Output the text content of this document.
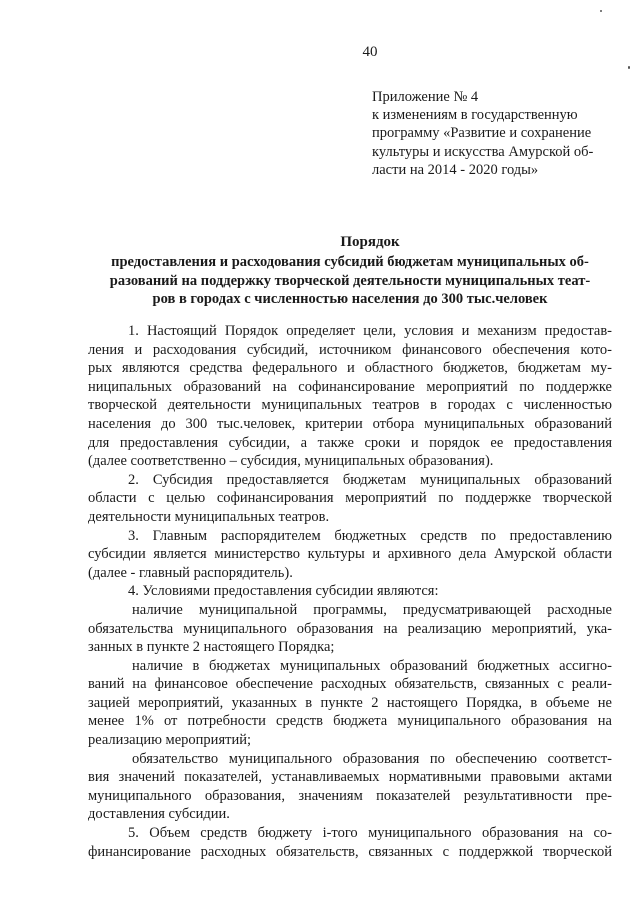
40
Приложение № 4
к изменениям в государственную
программу «Развитие и сохранение
культуры и искусства Амурской об-
ласти на 2014 - 2020 годы»
Порядок
предоставления и расходования субсидий бюджетам муниципальных об-
разований на поддержку творческой деятельности муниципальных теат-
ров в городах с численностью населения до 300 тыс.человек
1. Настоящий Порядок определяет цели, условия и механизм предостав-
ления и расходования субсидий, источником финансового обеспечения кото-
рых являются средства федерального и областного бюджетов, бюджетам му-
ниципальных образований на софинансирование мероприятий по поддержке
творческой деятельности муниципальных театров в городах с численностью
населения до 300 тыс.человек, критерии отбора муниципальных образований
для предоставления субсидии, а также сроки и порядок ее предоставления
(далее соответственно – субсидия, муниципальных образования).
2. Субсидия предоставляется бюджетам муниципальных образований
области с целью софинансирования мероприятий по поддержке творческой
деятельности муниципальных театров.
3. Главным распорядителем бюджетных средств по предоставлению
субсидии является министерство культуры и архивного дела Амурской области
(далее - главный распорядитель).
4. Условиями предоставления субсидии являются:
наличие муниципальной программы, предусматривающей расходные
обязательства муниципального образования на реализацию мероприятий, ука-
занных в пункте 2 настоящего Порядка;
наличие в бюджетах муниципальных образований бюджетных ассигно-
ваний на финансовое обеспечение расходных обязательств, связанных с реали-
зацией мероприятий, указанных в пункте 2 настоящего Порядка, в объеме не
менее 1% от потребности средств бюджета муниципального образования на
реализацию мероприятий;
обязательство муниципального образования по обеспечению соответст-
вия значений показателей, устанавливаемых нормативными правовыми актами
муниципального образования, значениям показателей результативности пре-
доставления субсидии.
5. Объем средств бюджету i-того муниципального образования на со-
финансирование расходных обязательств, связанных с поддержкой творческой
